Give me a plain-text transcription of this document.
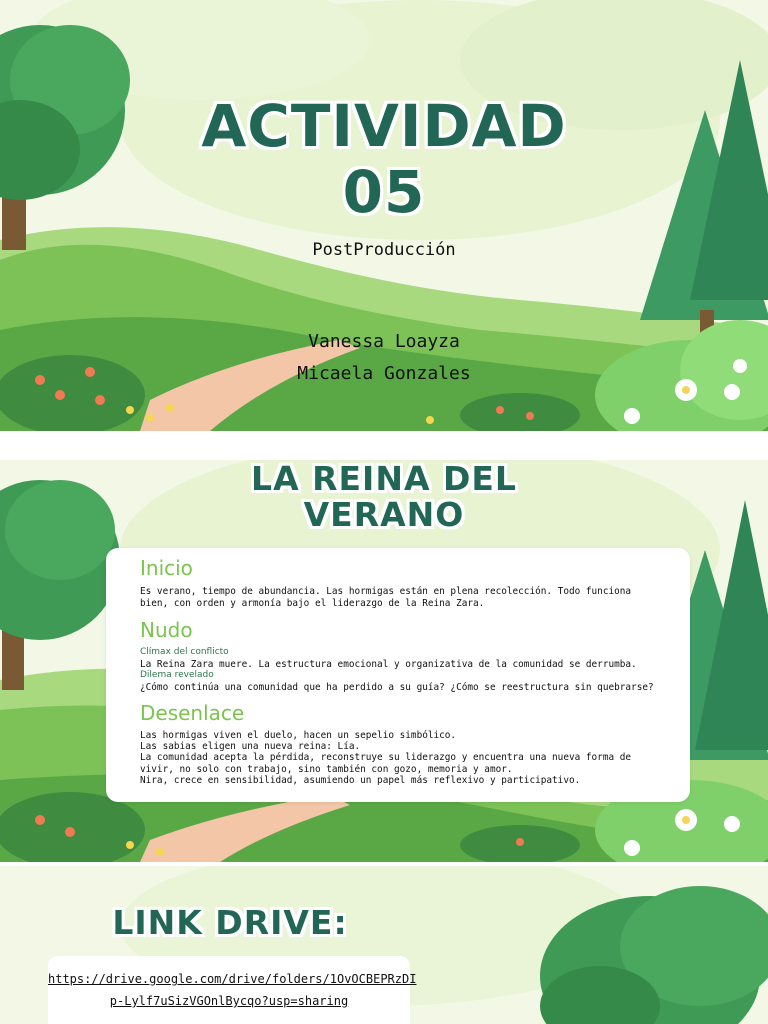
ACTIVIDAD
05
PostProducción
Vanessa Loayza
Micaela Gonzales
LA REINA DEL
VERANO
Inicio
Es verano, tiempo de abundancia. Las hormigas están en plena recolección. Todo funciona bien, con orden y armonía bajo el liderazgo de la Reina Zara.
Nudo
Clímax del conflicto
La Reina Zara muere. La estructura emocional y organizativa de la comunidad se derrumba.
Dilema revelado
¿Cómo continúa una comunidad que ha perdido a su guía? ¿Cómo se reestructura sin quebrarse?
Desenlace
Las hormigas viven el duelo, hacen un sepelio simbólico.
Las sabias eligen una nueva reina: Lía.
La comunidad acepta la pérdida, reconstruye su liderazgo y encuentra una nueva forma de vivir, no solo con trabajo, sino también con gozo, memoria y amor.
Nira, crece en sensibilidad, asumiendo un papel más reflexivo y participativo.
LINK DRIVE:
https://drive.google.com/drive/folders/1OvOCBEPRzDI
p-Lylf7uSizVGOnlBycqo?usp=sharing
